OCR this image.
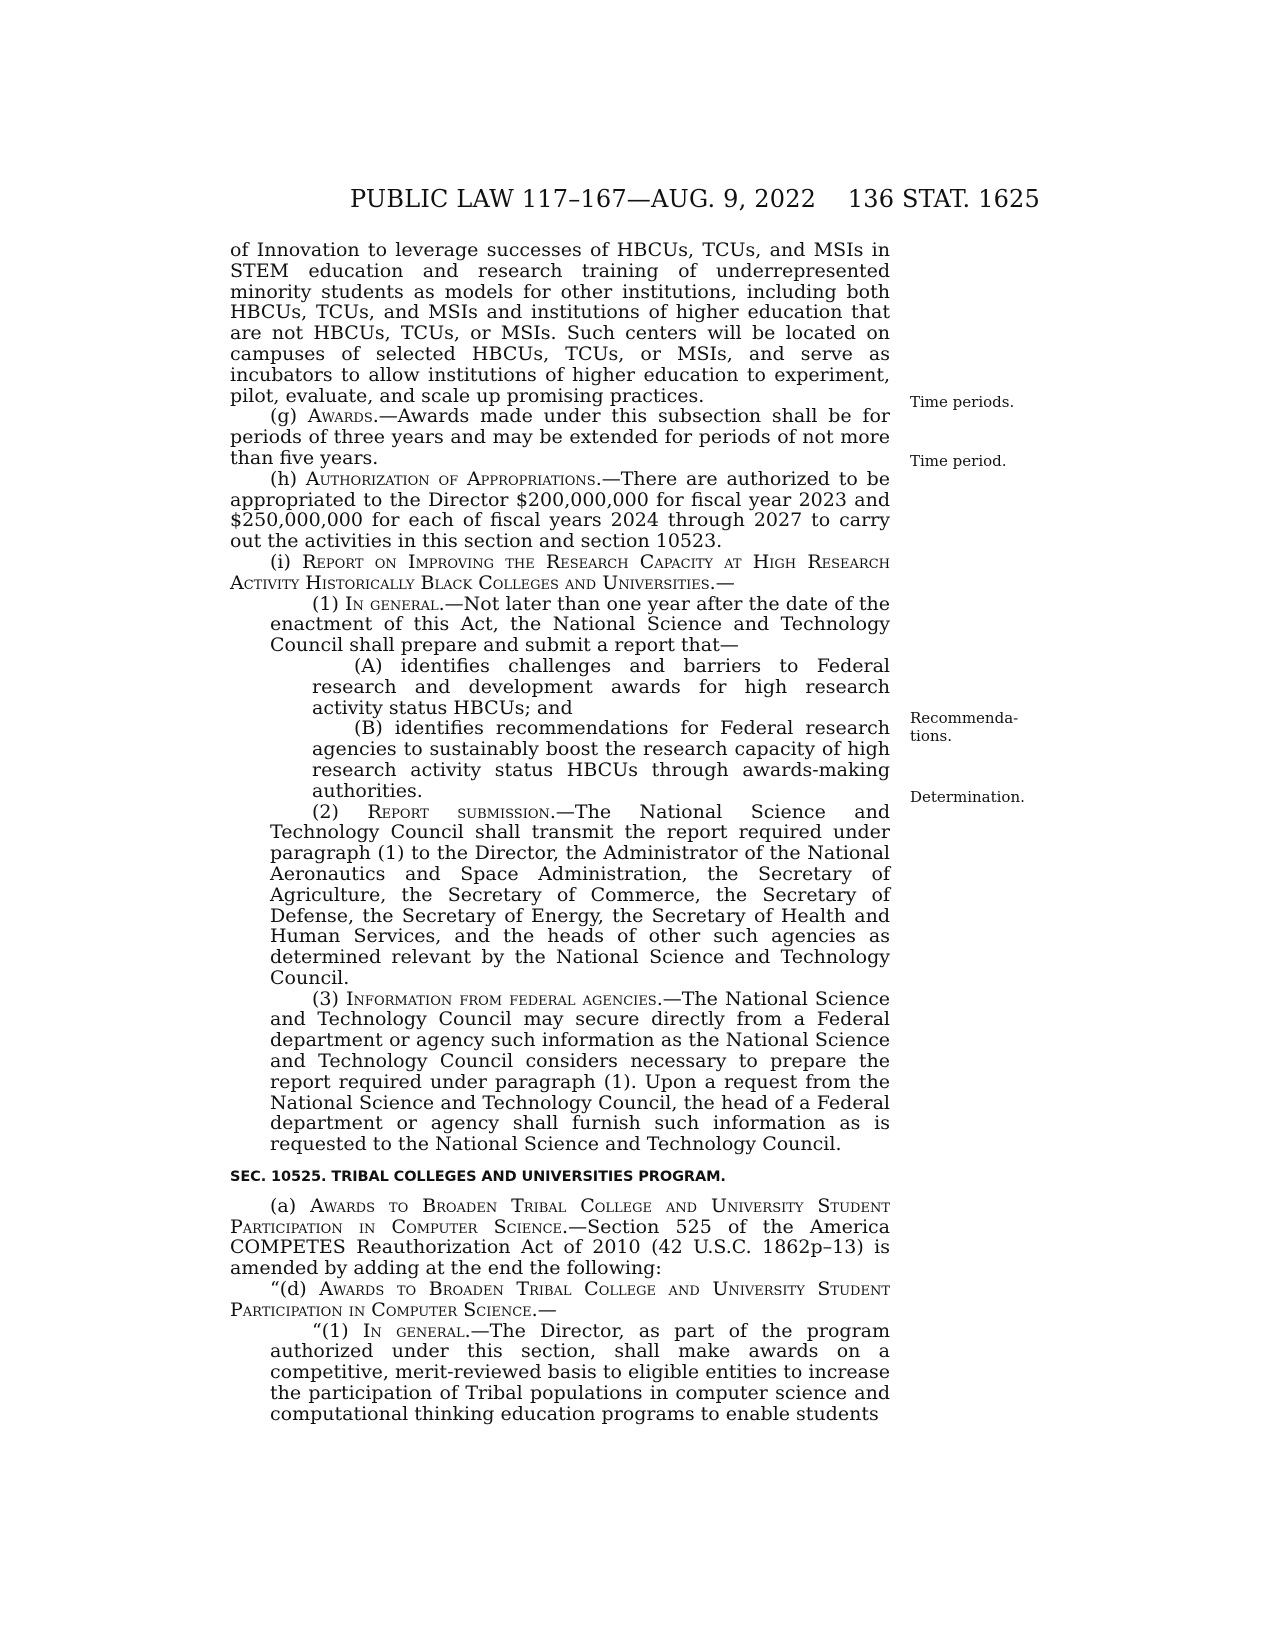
PUBLIC LAW 117–167—AUG. 9, 2022 136 STAT. 1625
Time periods.
Time period.
Recommenda-
tions.
Determination.

of Innovation to leverage successes of HBCUs, TCUs, and MSIs in STEM education and research training of underrepresented minority students as models for other institutions, including both HBCUs, TCUs, and MSIs and institutions of higher education that are not HBCUs, TCUs, or MSIs. Such centers will be located on campuses of selected HBCUs, TCUs, or MSIs, and serve as incubators to allow institutions of higher education to experiment, pilot, evaluate, and scale up promising practices.

(g) Awards.—Awards made under this subsection shall be for periods of three years and may be extended for periods of not more than five years.

(h) Authorization of Appropriations.—There are authorized to be appropriated to the Director $200,000,000 for fiscal year 2023 and $250,000,000 for each of fiscal years 2024 through 2027 to carry out the activities in this section and section 10523.

(i) Report on Improving the Research Capacity at High Research Activity Historically Black Colleges and Universities.—

(1) In general.—Not later than one year after the date of the enactment of this Act, the National Science and Technology Council shall prepare and submit a report that—

(A) identifies challenges and barriers to Federal research and development awards for high research activity status HBCUs; and

(B) identifies recommendations for Federal research agencies to sustainably boost the research capacity of high research activity status HBCUs through awards-making authorities.

(2) Report submission.—The National Science and Technology Council shall transmit the report required under paragraph (1) to the Director, the Administrator of the National Aeronautics and Space Administration, the Secretary of Agriculture, the Secretary of Commerce, the Secretary of Defense, the Secretary of Energy, the Secretary of Health and Human Services, and the heads of other such agencies as determined relevant by the National Science and Technology Council.

(3) Information from federal agencies.—The National Science and Technology Council may secure directly from a Federal department or agency such information as the National Science and Technology Council considers necessary to prepare the report required under paragraph (1). Upon a request from the National Science and Technology Council, the head of a Federal department or agency shall furnish such information as is requested to the National Science and Technology Council.

SEC. 10525. TRIBAL COLLEGES AND UNIVERSITIES PROGRAM.

(a) Awards to Broaden Tribal College and University Student Participation in Computer Science.—Section 525 of the America COMPETES Reauthorization Act of 2010 (42 U.S.C. 1862p–13) is amended by adding at the end the following:

“(d) Awards to Broaden Tribal College and University Student Participation in Computer Science.—

“(1) In general.—The Director, as part of the program authorized under this section, shall make awards on a competitive, merit-reviewed basis to eligible entities to increase the participation of Tribal populations in computer science and computational thinking education programs to enable students
